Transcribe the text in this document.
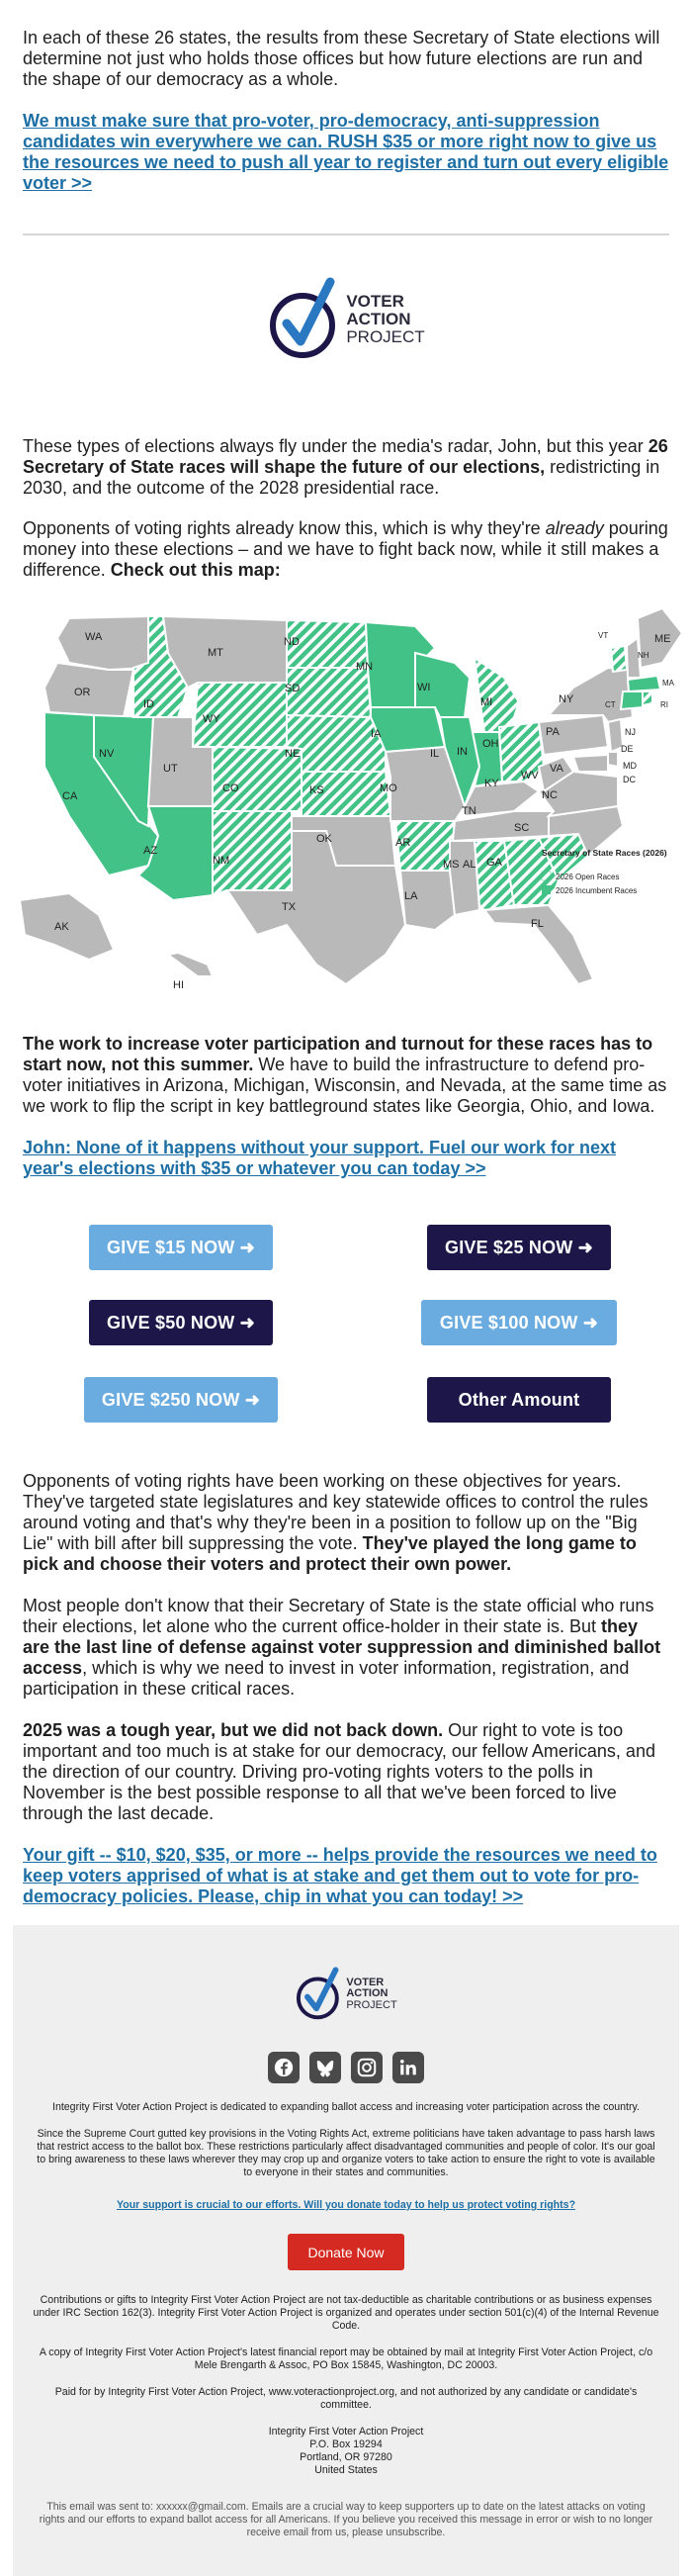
In each of these 26 states, the results from these Secretary of State elections will determine not just who holds those offices but how future elections are run and the shape of our democracy as a whole.

We must make sure that pro-voter, pro-democracy, anti-suppression candidates win everywhere we can. RUSH $35 or more right now to give us the resources we need to push all year to register and turn out every eligible voter >>

VOTER
ACTION
PROJECT

These types of elections always fly under the media's radar, John, but this year 26 Secretary of State races will shape the future of our elections, redistricting in 2030, and the outcome of the 2028 presidential race.

Opponents of voting rights already know this, which is why they're already pouring money into these elections – and we have to fight back now, while it still makes a difference. Check out this map:

WA
OR
CA
NV
ID
MT
WY
UT
AZ
CO
NM
ND
SD
NE
KS
OK
TX
MN
IA
MO
AR
LA
WI
IL
MI
IN
OH
KY
TN
MS AL GA
FL
SC
NC
VA
WV
PA
NY
VT
NH
ME
MA
RI
CT
NJ
DE
MD
DC
AK
HI
Secretary of State Races (2026)
2026 Open Races
2026 Incumbent Races

The work to increase voter participation and turnout for these races has to start now, not this summer. We have to build the infrastructure to defend pro-voter initiatives in Arizona, Michigan, Wisconsin, and Nevada, at the same time as we work to flip the script in key battleground states like Georgia, Ohio, and Iowa.

John: None of it happens without your support. Fuel our work for next year's elections with $35 or whatever you can today >>

GIVE $15 NOW ➜	GIVE $25 NOW ➜
GIVE $50 NOW ➜	GIVE $100 NOW ➜
GIVE $250 NOW ➜	Other Amount

Opponents of voting rights have been working on these objectives for years. They've targeted state legislatures and key statewide offices to control the rules around voting and that's why they're been in a position to follow up on the "Big Lie" with bill after bill suppressing the vote. They've played the long game to pick and choose their voters and protect their own power.

Most people don't know that their Secretary of State is the state official who runs their elections, let alone who the current office-holder in their state is. But they are the last line of defense against voter suppression and diminished ballot access, which is why we need to invest in voter information, registration, and participation in these critical races.

2025 was a tough year, but we did not back down. Our right to vote is too important and too much is at stake for our democracy, our fellow Americans, and the direction of our country. Driving pro-voting rights voters to the polls in November is the best possible response to all that we've been forced to live through the last decade.

Your gift -- $10, $20, $35, or more -- helps provide the resources we need to keep voters apprised of what is at stake and get them out to vote for pro-democracy policies. Please, chip in what you can today! >>

VOTER
ACTION
PROJECT

Integrity First Voter Action Project is dedicated to expanding ballot access and increasing voter participation across the country.

Since the Supreme Court gutted key provisions in the Voting Rights Act, extreme politicians have taken advantage to pass harsh laws that restrict access to the ballot box. These restrictions particularly affect disadvantaged communities and people of color. It's our goal to bring awareness to these laws wherever they may crop up and organize voters to take action to ensure the right to vote is available to everyone in their states and communities.

Your support is crucial to our efforts. Will you donate today to help us protect voting rights?

Donate Now

Contributions or gifts to Integrity First Voter Action Project are not tax-deductible as charitable contributions or as business expenses under IRC Section 162(3). Integrity First Voter Action Project is organized and operates under section 501(c)(4) of the Internal Revenue Code.

A copy of Integrity First Voter Action Project's latest financial report may be obtained by mail at Integrity First Voter Action Project, c/o Mele Brengarth & Assoc, PO Box 15845, Washington, DC 20003.

Paid for by Integrity First Voter Action Project, www.voteractionproject.org, and not authorized by any candidate or candidate's committee.

Integrity First Voter Action Project
P.O. Box 19294
Portland, OR 97280
United States

This email was sent to: xxxxxx@gmail.com. Emails are a crucial way to keep supporters up to date on the latest attacks on voting rights and our efforts to expand ballot access for all Americans. If you believe you received this message in error or wish to no longer receive email from us, please unsubscribe.
